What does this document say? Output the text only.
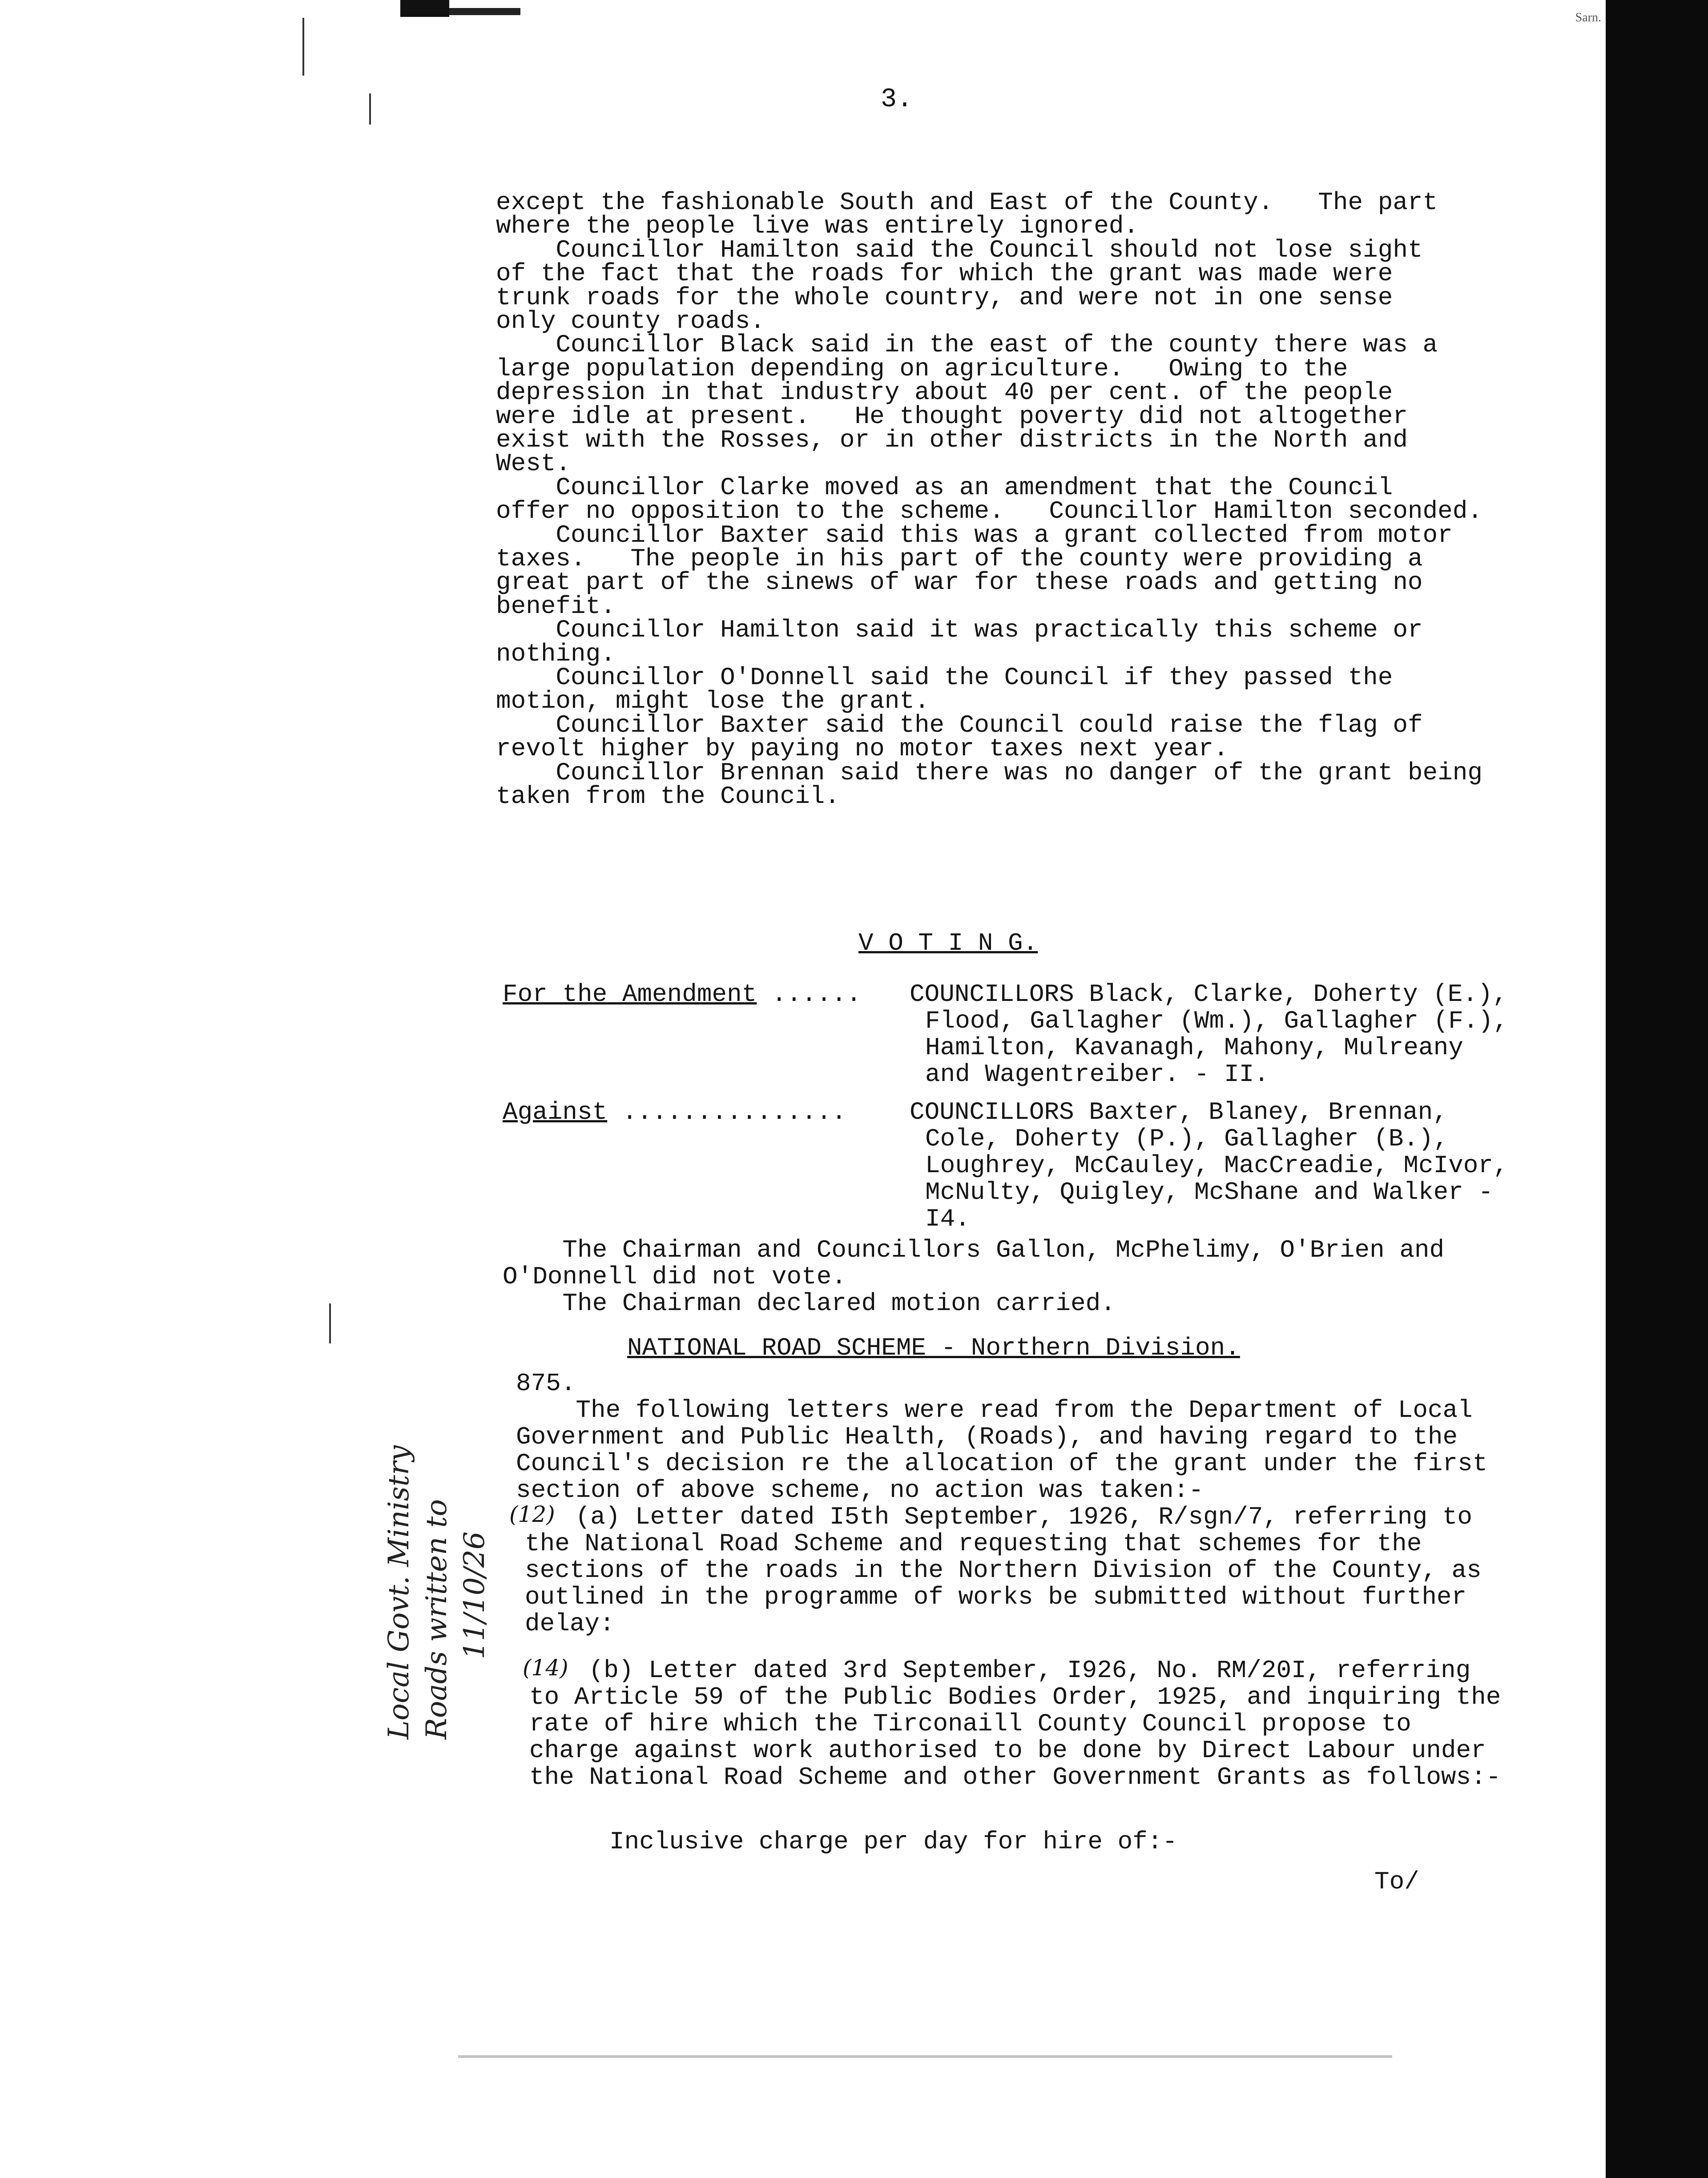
Sarn.
3.
except the fashionable South and East of the County.   The part
where the people live was entirely ignored.
Councillor Hamilton said the Council should not lose sight
of the fact that the roads for which the grant was made were
trunk roads for the whole country, and were not in one sense
only county roads.
Councillor Black said in the east of the county there was a
large population depending on agriculture.   Owing to the
depression in that industry about 40 per cent. of the people
were idle at present.   He thought poverty did not altogether
exist with the Rosses, or in other districts in the North and
West.
Councillor Clarke moved as an amendment that the Council
offer no opposition to the scheme.   Councillor Hamilton seconded.
Councillor Baxter said this was a grant collected from motor
taxes.   The people in his part of the county were providing a
great part of the sinews of war for these roads and getting no
benefit.
Councillor Hamilton said it was practically this scheme or
nothing.
Councillor O'Donnell said the Council if they passed the
motion, might lose the grant.
Councillor Baxter said the Council could raise the flag of
revolt higher by paying no motor taxes next year.
Councillor Brennan said there was no danger of the grant being
taken from the Council.
V O T I N G.
For the Amendment ...... COUNCILLORS Black, Clarke, Doherty (E.),
Flood, Gallagher (Wm.), Gallagher (F.),
Hamilton, Kavanagh, Mahony, Mulreany
and Wagentreiber. - II.
Against ............... COUNCILLORS Baxter, Blaney, Brennan,
Cole, Doherty (P.), Gallagher (B.),
Loughrey, McCauley, MacCreadie, McIvor,
McNulty, Quigley, McShane and Walker -
I4.
The Chairman and Councillors Gallon, McPhelimy, O'Brien and
O'Donnell did not vote.
The Chairman declared motion carried.
NATIONAL ROAD SCHEME - Northern Division.
875.
The following letters were read from the Department of Local
Government and Public Health, (Roads), and having regard to the
Council's decision re the allocation of the grant under the first
section of above scheme, no action was taken:-
(12) (a) Letter dated I5th September, 1926, R/sgn/7, referring to
the National Road Scheme and requesting that schemes for the
sections of the roads in the Northern Division of the County, as
outlined in the programme of works be submitted without further
delay:
(14) (b) Letter dated 3rd September, I926, No. RM/20I, referring
to Article 59 of the Public Bodies Order, 1925, and inquiring the
rate of hire which the Tirconaill County Council propose to
charge against work authorised to be done by Direct Labour under
the National Road Scheme and other Government Grants as follows:-
Inclusive charge per day for hire of:-
To/
Local Govt. Ministry Roads written to 11/10/26
